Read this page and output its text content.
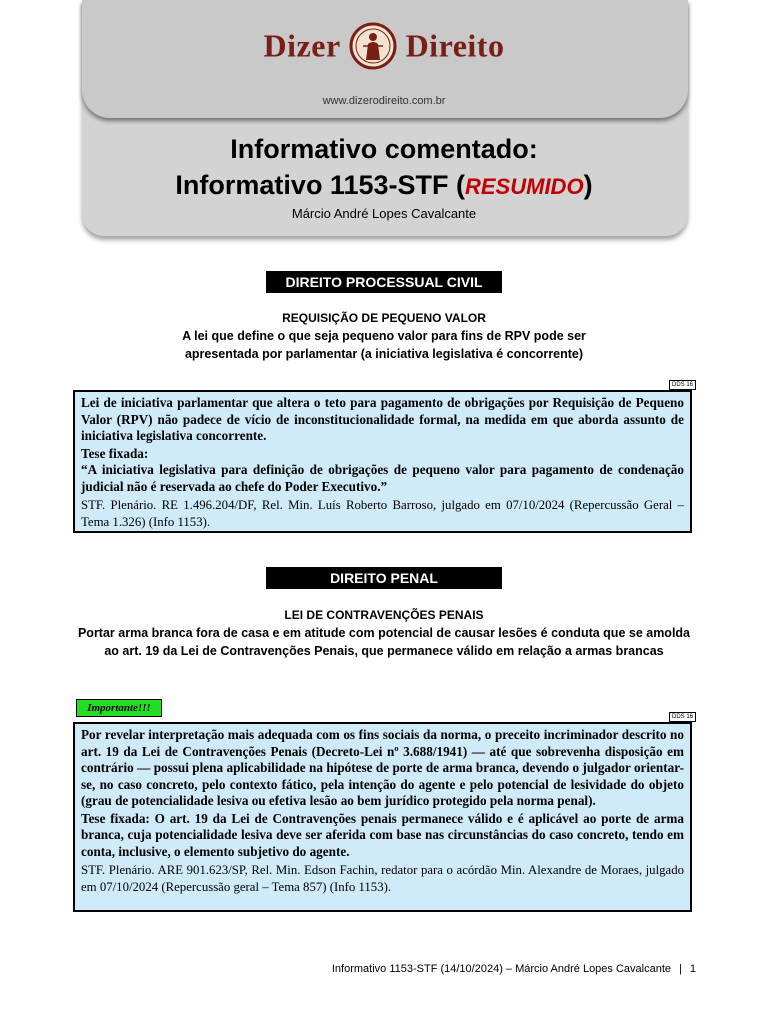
Dizer Direito
www.dizerodireito.com.br
Informativo comentado:
Informativo 1153-STF (RESUMIDO)
Márcio André Lopes Cavalcante
DIREITO PROCESSUAL CIVIL
REQUISIÇÃO DE PEQUENO VALOR
A lei que define o que seja pequeno valor para fins de RPV pode ser apresentada por parlamentar (a iniciativa legislativa é concorrente)
DDS 16

Lei de iniciativa parlamentar que altera o teto para pagamento de obrigações por Requisição de Pequeno Valor (RPV) não padece de vício de inconstitucionalidade formal, na medida em que aborda assunto de iniciativa legislativa concorrente.

Tese fixada:

“A iniciativa legislativa para definição de obrigações de pequeno valor para pagamento de condenação judicial não é reservada ao chefe do Poder Executivo.”

STF. Plenário. RE 1.496.204/DF, Rel. Min. Luís Roberto Barroso, julgado em 07/10/2024 (Repercussão Geral – Tema 1.326) (Info 1153).

DIREITO PENAL
LEI DE CONTRAVENÇÕES PENAIS
Portar arma branca fora de casa e em atitude com potencial de causar lesões é conduta que se amolda ao art. 19 da Lei de Contravenções Penais, que permanece válido em relação a armas brancas
Importante!!!
DDS 16

Por revelar interpretação mais adequada com os fins sociais da norma, o preceito incriminador descrito no art. 19 da Lei de Contravenções Penais (Decreto-Lei nº 3.688/1941) — até que sobrevenha disposição em contrário — possui plena aplicabilidade na hipótese de porte de arma branca, devendo o julgador orientar-se, no caso concreto, pelo contexto fático, pela intenção do agente e pelo potencial de lesividade do objeto (grau de potencialidade lesiva ou efetiva lesão ao bem jurídico protegido pela norma penal).

Tese fixada: O art. 19 da Lei de Contravenções penais permanece válido e é aplicável ao porte de arma branca, cuja potencialidade lesiva deve ser aferida com base nas circunstâncias do caso concreto, tendo em conta, inclusive, o elemento subjetivo do agente.

STF. Plenário. ARE 901.623/SP, Rel. Min. Edson Fachin, redator para o acórdão Min. Alexandre de Moraes, julgado em 07/10/2024 (Repercussão geral – Tema 857) (Info 1153).

Informativo 1153-STF (14/10/2024) – Márcio André Lopes Cavalcante | 1
